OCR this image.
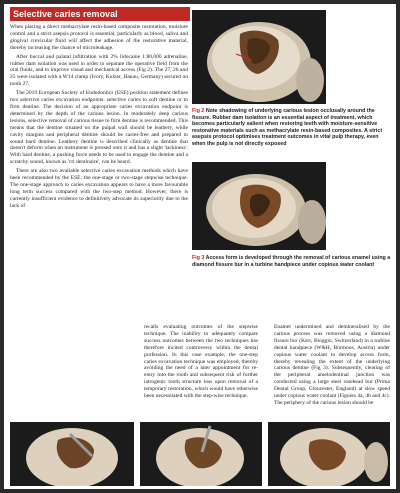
Selective caries removal

When placing a direct methacrylate resin-based composite restoration, moisture control and a strict asepsis protocol is essential, particularly as blood, saliva and gingival crevicular fluid will affect the adhesion of the restorative material, thereby increasing the chance of microleakage.

After buccal and palatal infiltration with 2% lidocaine 1:80,000 adrenaline, rubber dam isolation was used in order to separate the operative field from the oral fluids, and to improve visual and mechanical access (Fig 2). The 27, 26 and 25 were isolated with a W14 clamp (Ivory, Kulzer, Hanau, Germany) secured on tooth 27.

The 2019 European Society of Endodontics (ESE) position statement defines two selective caries excavation endpoints: selective caries to soft dentine or to firm dentine. The decision of an appropriate caries excavation endpoint is determined by the depth of the carious lesion. In moderately deep carious lesions, selective removal of carious tissue to firm dentine is recommended. This means that the dentine situated on the pulpal wall should be leathery, while cavity margins and peripheral dentine should be caries-free and prepared to sound hard dentine. Leathery dentine is described clinically as dentine that doesn't deform when an instrument is pressed onto it and has a slight 'tackiness'. With hard dentine, a pushing force needs to be used to engage the dentine and a scratchy sound, known as 'cri dentinaire', can be heard.

There are also two available selective caries excavation methods which have been recommended by the ESE: the one-stage or two-stage stepwise technique. The one-stage approach to caries excavation appears to have a more favourable long term success compared with the two-step method. However, there is currently insufficient evidence to definitively advocate its superiority due to the lack of

Fig 2 Note shadowing of underlying carious lesion occlusally around the fissure. Rubber dam isolation is an essential aspect of treatment, which becomes particularly salient when restoring teeth with moisture-sensitive restorative materials such as methacrylate resin-based composites. A strict asepsis protocol optimises treatment outcomes in vital pulp therapy, even when the pulp is not directly exposed
Fig 3 Access form is developed through the removal of carious enamel using a diamond fissure bur in a turbine handpiece under copious water coolant

recalls evaluating outcomes of the stepwise technique. The inability to adequately compare success outcomes between the two techniques has therefore incited controversy within the dental profession. In this case example, the one-step caries excavation technique was employed, thereby avoiding the need of a later appointment for re-entry into the tooth and subsequent risk of further iatrogenic tooth structure loss upon removal of a temporary restoration, which would have otherwise been necessitated with the step-wise technique.

Enamel undermined and demineralised by the carious process was removed using a diamond fissure bur (Kerr, Bioggio, Switzerland) in a turbine dental handpiece (W&H, Bürmoos, Austria) under copious water coolant to develop access form, thereby revealing the extent of the underlying carious dentine (Fig 3). Subsequently, clearing of the peripheral amelodentinal junction was conducted using a large steel rosehead bur (Prima Dental Group, Gloucester, England) at slow speed under copious water coolant (Figures 4a, 4b and 4c). The periphery of the carious lesion should be
